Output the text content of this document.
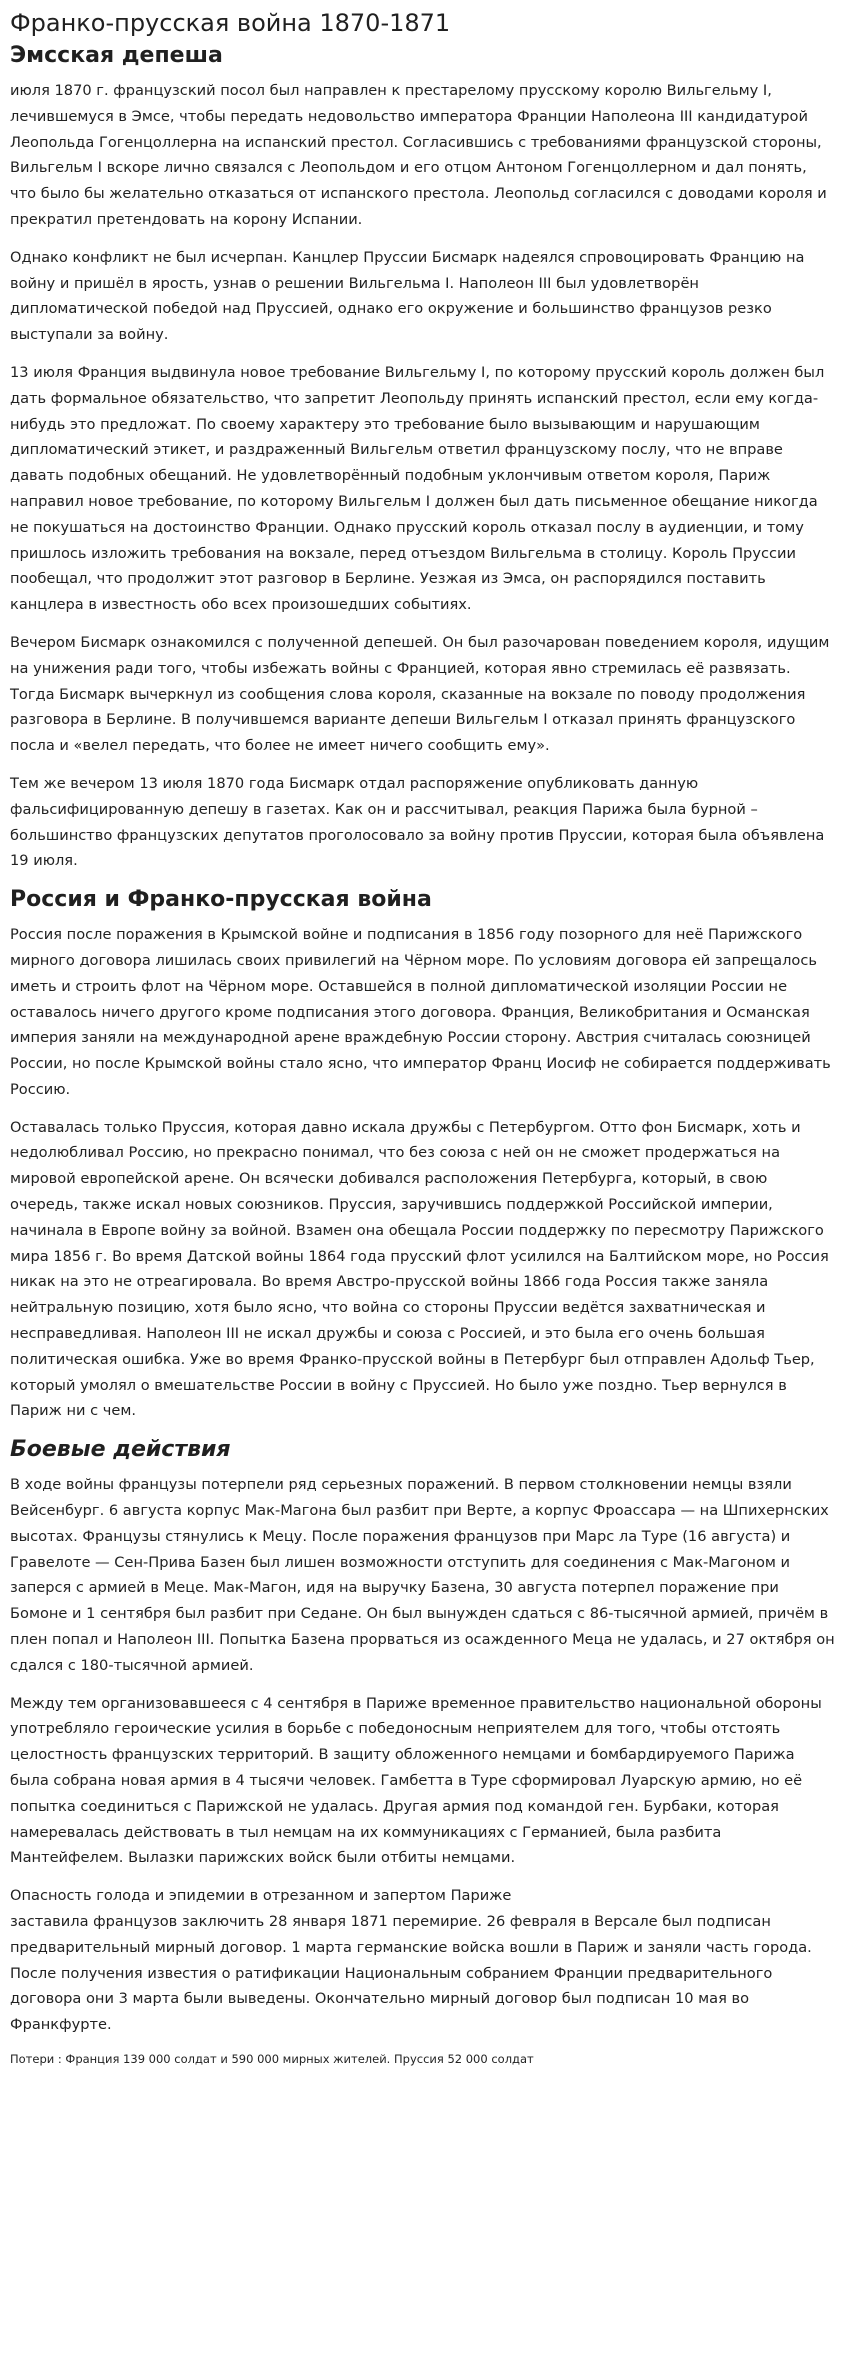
Франко-прусская война 1870-1871
Эмсская депеша

июля 1870 г. французский посол был направлен к престарелому прусскому королю Вильгельму I, лечившемуся в Эмсе, чтобы передать недовольство императора Франции Наполеона III кандидатурой Леопольда Гогенцоллерна на испанский престол. Согласившись с требованиями французской стороны, Вильгельм I вскоре лично связался с Леопольдом и его отцом Антоном Гогенцоллерном и дал понять, что было бы желательно отказаться от испанского престола. Леопольд согласился с доводами короля и прекратил претендовать на корону Испании.

Однако конфликт не был исчерпан. Канцлер Пруссии Бисмарк надеялся спровоцировать Францию на войну и пришёл в ярость, узнав о решении Вильгельма I. Наполеон III был удовлетворён дипломатической победой над Пруссией, однако его окружение и большинство французов резко выступали за войну.

13 июля Франция выдвинула новое требование Вильгельму I, по которому прусский король должен был дать формальное обязательство, что запретит Леопольду принять испанский престол, если ему когда-нибудь это предложат. По своему характеру это требование было вызывающим и нарушающим дипломатический этикет, и раздраженный Вильгельм ответил французскому послу, что не вправе давать подобных обещаний. Не удовлетворённый подобным уклончивым ответом короля, Париж направил новое требование, по которому Вильгельм I должен был дать письменное обещание никогда не покушаться на достоинство Франции. Однако прусский король отказал послу в аудиенции, и тому пришлось изложить требования на вокзале, перед отъездом Вильгельма в столицу. Король Пруссии пообещал, что продолжит этот разговор в Берлине. Уезжая из Эмса, он распорядился поставить канцлера в известность обо всех произошедших событиях.

Вечером Бисмарк ознакомился с полученной депешей. Он был разочарован поведением короля, идущим на унижения ради того, чтобы избежать войны с Францией, которая явно стремилась её развязать. Тогда Бисмарк вычеркнул из сообщения слова короля, сказанные на вокзале по поводу продолжения разговора в Берлине. В получившемся варианте депеши Вильгельм I отказал принять французского посла и «велел передать, что более не имеет ничего сообщить ему».

Тем же вечером 13 июля 1870 года Бисмарк отдал распоряжение опубликовать данную фальсифицированную депешу в газетах. Как он и рассчитывал, реакция Парижа была бурной – большинство французских депутатов проголосовало за войну против Пруссии, которая была объявлена 19 июля.

Россия и Франко-прусская война

Россия после поражения в Крымской войне и подписания в 1856 году позорного для неё Парижского мирного договора лишилась своих привилегий на Чёрном море. По условиям договора ей запрещалось иметь и строить флот на Чёрном море. Оставшейся в полной дипломатической изоляции России не оставалось ничего другого кроме подписания этого договора. Франция, Великобритания и Османская империя заняли на международной арене враждебную России сторону. Австрия считалась союзницей России, но после Крымской войны стало ясно, что император Франц Иосиф не собирается поддерживать Россию.

Оставалась только Пруссия, которая давно искала дружбы с Петербургом. Отто фон Бисмарк, хоть и недолюбливал Россию, но прекрасно понимал, что без союза с ней он не сможет продержаться на мировой европейской арене. Он всячески добивался расположения Петербурга, который, в свою очередь, также искал новых союзников. Пруссия, заручившись поддержкой Российской империи, начинала в Европе войну за войной. Взамен она обещала России поддержку по пересмотру Парижского мира 1856 г. Во время Датской войны 1864 года прусский флот усилился на Балтийском море, но Россия никак на это не отреагировала. Во время Австро-прусской войны 1866 года Россия также заняла нейтральную позицию, хотя было ясно, что война со стороны Пруссии ведётся захватническая и несправедливая. Наполеон III не искал дружбы и союза с Россией, и это была его очень большая политическая ошибка. Уже во время Франко-прусской войны в Петербург был отправлен Адольф Тьер, который умолял о вмешательстве России в войну с Пруссией. Но было уже поздно. Тьер вернулся в Париж ни с чем.

Боевые действия

В ходе войны французы потерпели ряд серьезных поражений. В первом столкновении немцы взяли Вейсенбург. 6 августа корпус Мак-Магона был разбит при Верте, а корпус Фроассара — на Шпихернских высотах. Французы стянулись к Мецу. После поражения французов при Марс ла Туре (16 августа) и Гравелоте — Сен-Привa Базен был лишен возможности отступить для соединения с Мак-Магоном и заперся с армией в Меце. Мак-Магон, идя на выручку Базена, 30 августа потерпел поражение при Бомоне и 1 сентября был разбит при Седане. Он был вынужден сдаться с 86-тысячной армией, причём в плен попал и Наполеон III. Попытка Базена прорваться из осажденного Меца не удалась, и 27 октября он сдался с 180-тысячной армией.

Между тем организовавшееся с 4 сентября в Париже временное правительство национальной обороны употребляло героические усилия в борьбе с победоносным неприятелем для того, чтобы отстоять целостность французских территорий. В защиту обложенного немцами и бомбардируемого Парижа была собрана новая армия в 4 тысячи человек. Гамбетта в Туре сформировал Луарскую армию, но её попытка соединиться с Парижской не удалась. Другая армия под командой ген. Бурбаки, которая намеревалась действовать в тыл немцам на их коммуникациях с Германией, была разбита Мантейфелем. Вылазки парижских войск были отбиты немцами.

Опасность голода и эпидемии в отрезанном и запертом Париже
заставила французов заключить 28 января 1871 перемирие. 26 февраля в Версале был подписан предварительный мирный договор. 1 марта германские войска вошли в Париж и заняли часть города. После получения известия о ратификации Национальным собранием Франции предварительного договора они 3 марта были выведены. Окончательно мирный договор был подписан 10 мая во Франкфурте.

Потери : Франция 139 000 солдат и 590 000 мирных жителей. Пруссия 52 000 солдат
